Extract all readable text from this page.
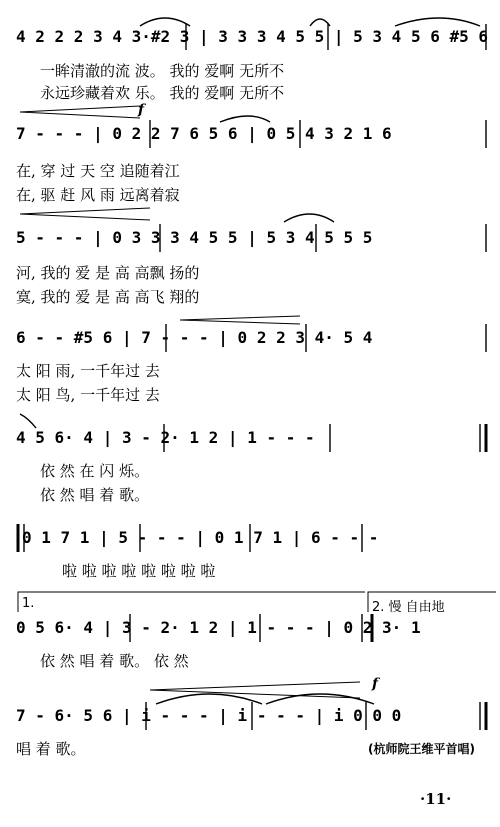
4 2 2 2 3 4 3·#2 3 | 3 3 3 4 5 5 | 5 3 4 5 6 #5 6
一眸清澈的流 波。 我的 爱啊 无所不
永远珍藏着欢 乐。 我的 爱啊 无所不
f
7 - - - | 0 2 2 7 6 5 6 | 0 5 4 3 2 1 6
在, 穿 过 天 空 追随着江
在, 驱 赶 风 雨 远离着寂
5 - - - | 0 3 3 3 4 5 5 | 5 3 4 5 5 5
河, 我的 爱 是 高 高飘 扬的
寞, 我的 爱 是 高 高飞 翔的
6 - - #5 6 | 7 - - - | 0 2 2 3 4· 5 4
太 阳 雨, 一千年过 去
太 阳 鸟, 一千年过 去
4 5 6· 4 | 3 - 2· 1 2 | 1 - - -
依 然 在 闪 烁。
依 然 唱 着 歌。
0 1 7 1 | 5 - - - | 0 1 7 1 | 6 - - -
啦 啦 啦 啦 啦 啦 啦 啦
1.	2. 慢 自由地
0 5 6· 4 | 3 - 2· 1 2 | 1 - - - | 0 2 3· 1
依 然 唱 着 歌。 依 然
f
7 - 6· 5 6 | i - - - | i - - - | i 0 0 0
唱 着 歌。	(杭师院王维平首唱)
·11·
